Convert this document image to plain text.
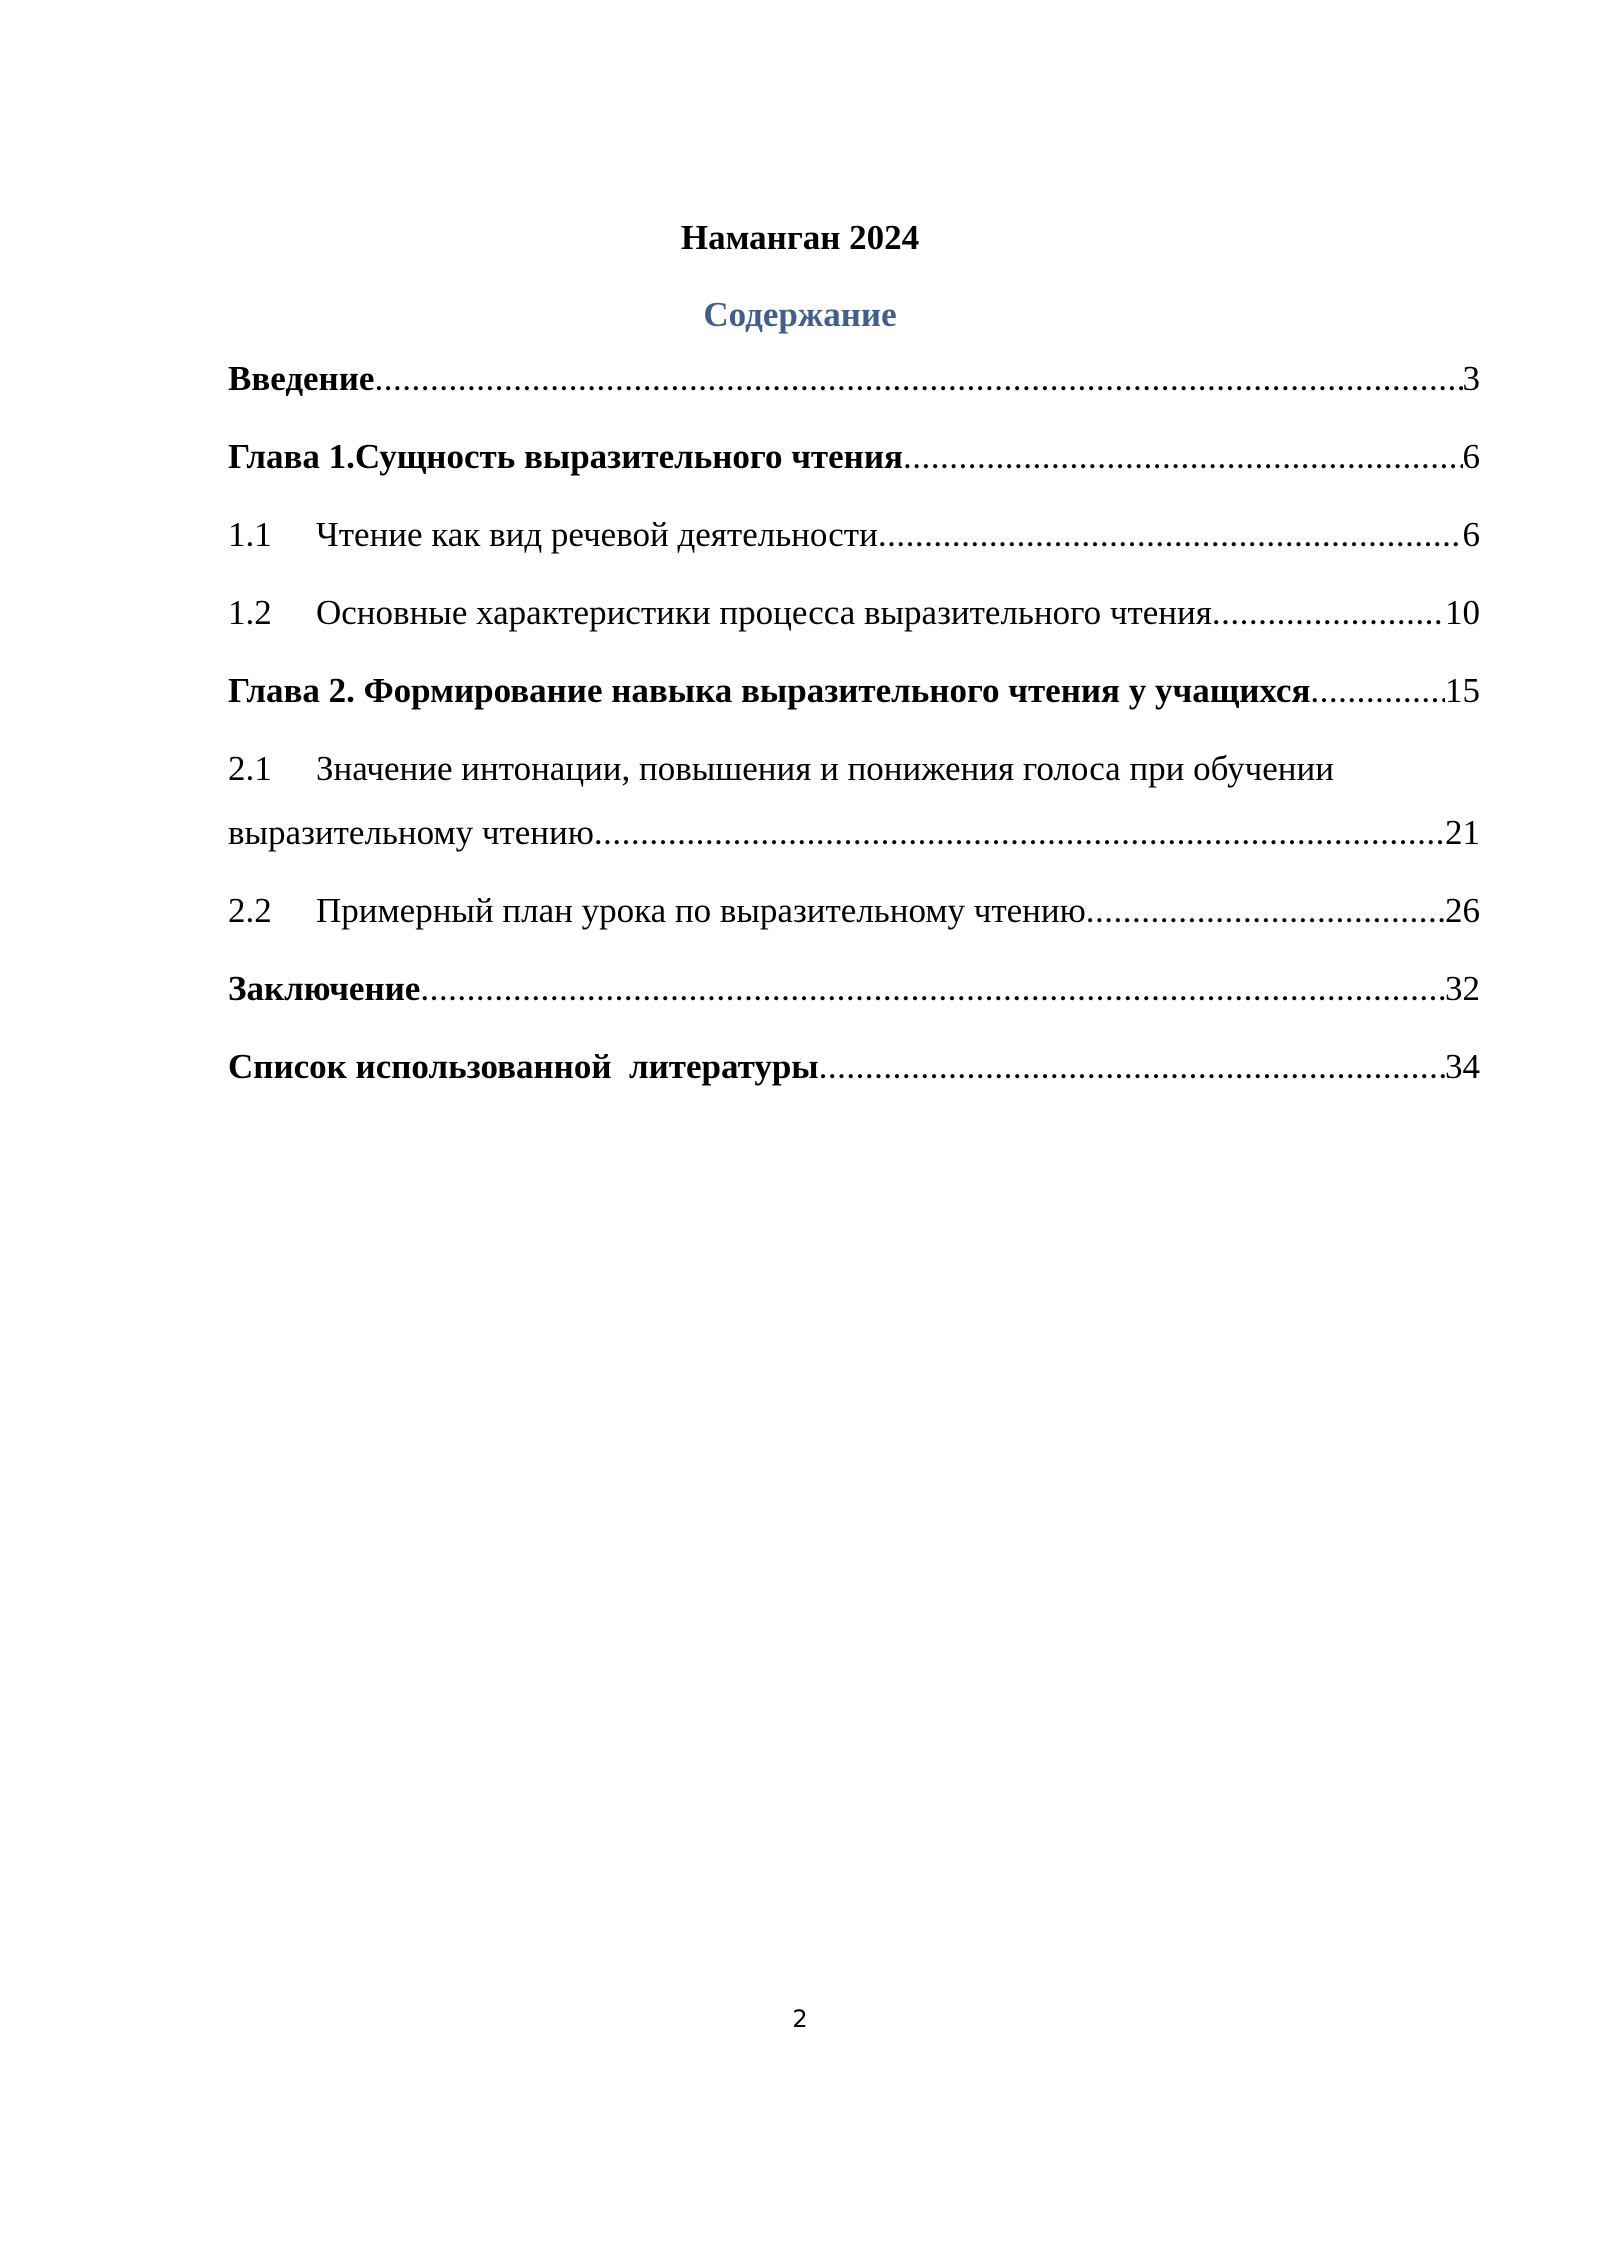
Наманган 2024
Содержание
Введение .....	3
Глава 1.Сущность выразительного чтения .....	6
1.1	Чтение как вид речевой деятельности .....	6
1.2	Основные характеристики процесса выразительного чтения .....	10
Глава 2. Формирование навыка выразительного чтения у учащихся .....	15
2.1 Значение интонации, повышения и понижения голоса при обучении
выразительному чтению .....	21
2.2	Примерный план урока по выразительному чтению .....	26
Заключение .....	32
Список использованной  литературы .....	34
2
